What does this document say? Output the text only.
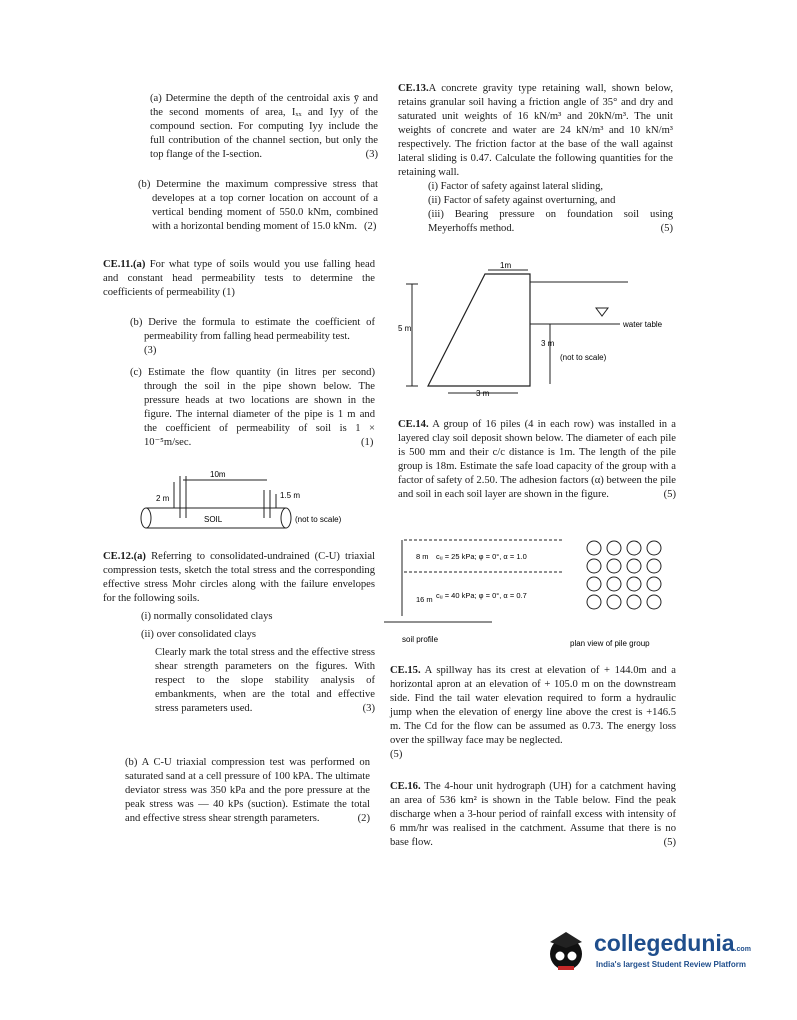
(a) Determine the depth of the centroidal axis ȳ and the second moments of area, Iₓₓ and Iyy of the compound section. For computing Iyy include the full contribution of the channel section, but only the top flange of the I-section.	(3)

(b) Determine the maximum compressive stress that developes at a top corner location on account of a vertical bending moment of 550.0 kNm, combined with a horizontal bending moment of 15.0 kNm. (2)

CE.11.(a) For what type of soils would you use falling head and constant head permeability tests to determine the coefficients of permeability (1)

(b) Derive the formula to estimate the coefficient of permeability from falling head permeability test.
(3)

(c) Estimate the flow quantity (in litres per second) through the soil in the pipe shown below. The pressure heads at two locations are shown in the figure. The internal diameter of the pipe is 1 m and the coefficient of permeability of soil is 1 × 10⁻⁵m/sec.	(1)

10m
2 m	1.5 m
SOIL	(not to scale)

CE.12.(a) Referring to consolidated-undrained (C-U) triaxial compression tests, sketch the total stress and the corresponding effective stress Mohr circles along with the failure envelopes for the following soils.

(i) normally consolidated clays

(ii) over consolidated clays

Clearly mark the total stress and the effective stress shear strength parameters on the figures. With respect to the slope stability analysis of embankments, when are the total and effective stress parameters used.	(3)

(b) A C-U triaxial compression test was performed on saturated sand at a cell pressure of 100 kPA. The ultimate deviator stress was 350 kPa and the pore pressure at the peak stress was — 40 kPs (suction). Estimate the total and effective stress shear strength parameters.	(2)

CE.13.A concrete gravity type retaining wall, shown below, retains granular soil having a friction angle of 35° and dry and saturated unit weights of 16 kN/m³ and 20kN/m³. The unit weights of concrete and water are 24 kN/m³ and 10 kN/m³ respectively. The friction factor at the base of the wall against lateral sliding is 0.47. Calculate the following quantities for the retaining wall.

(i) Factor of safety against lateral sliding,

(ii) Factor of safety against overturning, and

(iii) Bearing pressure on foundation soil using Meyerhoffs method.	(5)

1m
5 m
3 m
water table
3 m
(not to scale)

CE.14. A group of 16 piles (4 in each row) was installed in a layered clay soil deposit shown below. The diameter of each pile is 500 mm and their c/c distance is 1m. The length of the pile group is 18m. Estimate the safe load capacity of the group with a factor of safety of 2.50. The adhesion factors (α) between the pile and soil in each soil layer are shown in the figure.	(5)

8 m cᵤ = 25 kPa; φ = 0°, α = 1.0
16 m cᵤ = 40 kPa; φ = 0°, α = 0.7
soil profile	plan view of pile group

CE.15. A spillway has its crest at elevation of + 144.0m and a horizontal apron at an elevation of + 105.0 m on the downstream side. Find the tail water elevation required to form a hydraulic jump when the elevation of energy line above the crest is +146.5 m. The Cd for the flow can be assumed as 0.73. The energy loss over the spillway face may be neglected.
(5)

CE.16. The 4-hour unit hydrograph (UH) for a catchment having an area of 536 km² is shown in the Table below. Find the peak discharge when a 3-hour period of rainfall excess with intensity of 6 mm/hr was realised in the catchment. Assume that there is no base flow.	(5)

collegedunia.com
India's largest Student Review Platform
